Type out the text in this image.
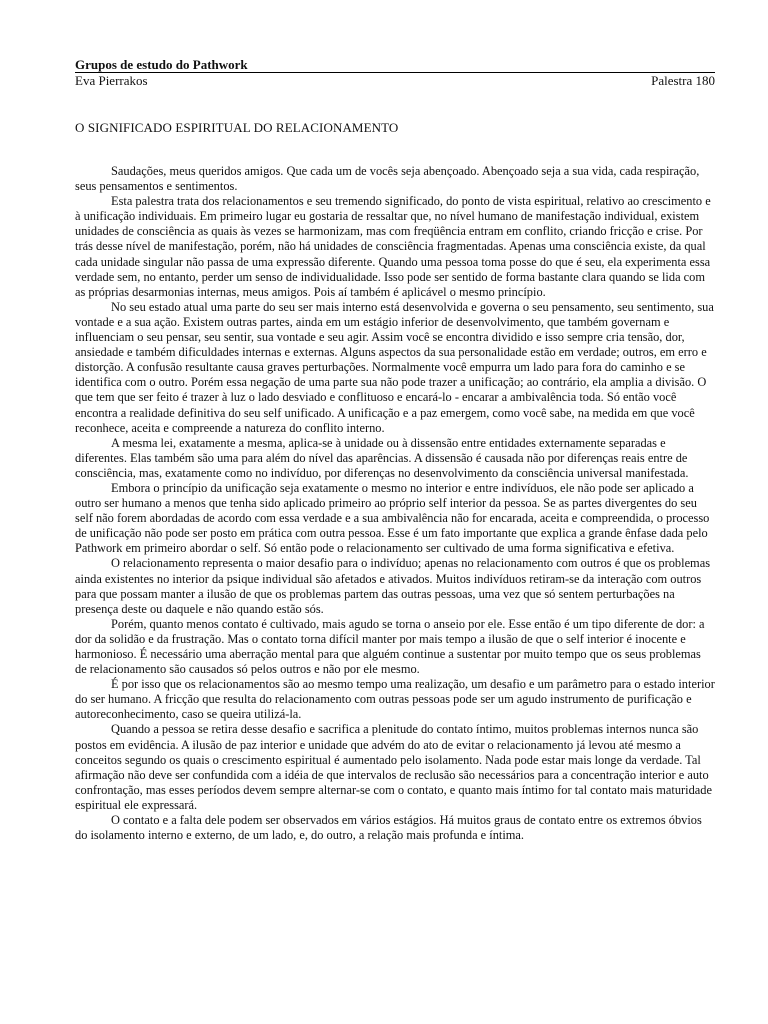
Grupos de estudo do Pathwork
Eva Pierrakos	Palestra 180
O SIGNIFICADO ESPIRITUAL DO RELACIONAMENTO

Saudações, meus queridos amigos. Que cada um de vocês seja abençoado. Abençoado seja a sua vida, cada respiração, seus pensamentos e sentimentos.

Esta palestra trata dos relacionamentos e seu tremendo significado, do ponto de vista espiritual, relativo ao crescimento e à unificação individuais. Em primeiro lugar eu gostaria de ressaltar que, no nível humano de manifestação individual, existem unidades de consciência as quais às vezes se harmonizam, mas com freqüência entram em conflito, criando fricção e crise. Por trás desse nível de manifestação, porém, não há unidades de consciência fragmentadas. Apenas uma consciência existe, da qual cada unidade singular não passa de uma expressão diferente. Quando uma pessoa toma posse do que é seu, ela experimenta essa verdade sem, no entanto, perder um senso de individualidade. Isso pode ser sentido de forma bastante clara quando se lida com as próprias desarmonias internas, meus amigos. Pois aí também é aplicável o mesmo princípio.

No seu estado atual uma parte do seu ser mais interno está desenvolvida e governa o seu pensamento, seu sentimento, sua vontade e a sua ação. Existem outras partes, ainda em um estágio inferior de desenvolvimento, que também governam e influenciam o seu pensar, seu sentir, sua vontade e seu agir. Assim você se encontra dividido e isso sempre cria tensão, dor, ansiedade e também dificuldades internas e externas. Alguns aspectos da sua personalidade estão em verdade; outros, em erro e distorção. A confusão resultante causa graves perturbações. Normalmente você empurra um lado para fora do caminho e se identifica com o outro. Porém essa negação de uma parte sua não pode trazer a unificação; ao contrário, ela amplia a divisão. O que tem que ser feito é trazer à luz o lado desviado e conflituoso e encará-lo - encarar a ambivalência toda. Só então você encontra a realidade definitiva do seu self unificado. A unificação e a paz emergem, como você sabe, na medida em que você reconhece, aceita e compreende a natureza do conflito interno.

A mesma lei, exatamente a mesma, aplica-se à unidade ou à dissensão entre entidades externamente separadas e diferentes. Elas também são uma para além do nível das aparências. A dissensão é causada não por diferenças reais entre de consciência, mas, exatamente como no indivíduo, por diferenças no desenvolvimento da consciência universal manifestada.

Embora o princípio da unificação seja exatamente o mesmo no interior e entre indivíduos, ele não pode ser aplicado a outro ser humano a menos que tenha sido aplicado primeiro ao próprio self interior da pessoa. Se as partes divergentes do seu self não forem abordadas de acordo com essa verdade e a sua ambivalência não for encarada, aceita e compreendida, o processo de unificação não pode ser posto em prática com outra pessoa. Esse é um fato importante que explica a grande ênfase dada pelo Pathwork em primeiro abordar o self. Só então pode o relacionamento ser cultivado de uma forma significativa e efetiva.

O relacionamento representa o maior desafio para o indivíduo; apenas no relacionamento com outros é que os problemas ainda existentes no interior da psique individual são afetados e ativados. Muitos indivíduos retiram-se da interação com outros para que possam manter a ilusão de que os problemas partem das outras pessoas, uma vez que só sentem perturbações na presença deste ou daquele e não quando estão sós.

Porém, quanto menos contato é cultivado, mais agudo se torna o anseio por ele. Esse então é um tipo diferente de dor: a dor da solidão e da frustração. Mas o contato torna difícil manter por mais tempo a ilusão de que o self interior é inocente e harmonioso. É necessário uma aberração mental para que alguém continue a sustentar por muito tempo que os seus problemas de relacionamento são causados só pelos outros e não por ele mesmo.

É por isso que os relacionamentos são ao mesmo tempo uma realização, um desafio e um parâmetro para o estado interior do ser humano. A fricção que resulta do relacionamento com outras pessoas pode ser um agudo instrumento de purificação e autoreconhecimento, caso se queira utilizá-la.

Quando a pessoa se retira desse desafio e sacrifica a plenitude do contato íntimo, muitos problemas internos nunca são postos em evidência. A ilusão de paz interior e unidade que advém do ato de evitar o relacionamento já levou até mesmo a conceitos segundo os quais o crescimento espiritual é aumentado pelo isolamento. Nada pode estar mais longe da verdade. Tal afirmação não deve ser confundida com a idéia de que intervalos de reclusão são necessários para a concentração interior e auto confrontação, mas esses períodos devem sempre alternar-se com o contato, e quanto mais íntimo for tal contato mais maturidade espiritual ele expressará.

O contato e a falta dele podem ser observados em vários estágios. Há muitos graus de contato entre os extremos óbvios do isolamento interno e externo, de um lado, e, do outro, a relação mais profunda e íntima.
